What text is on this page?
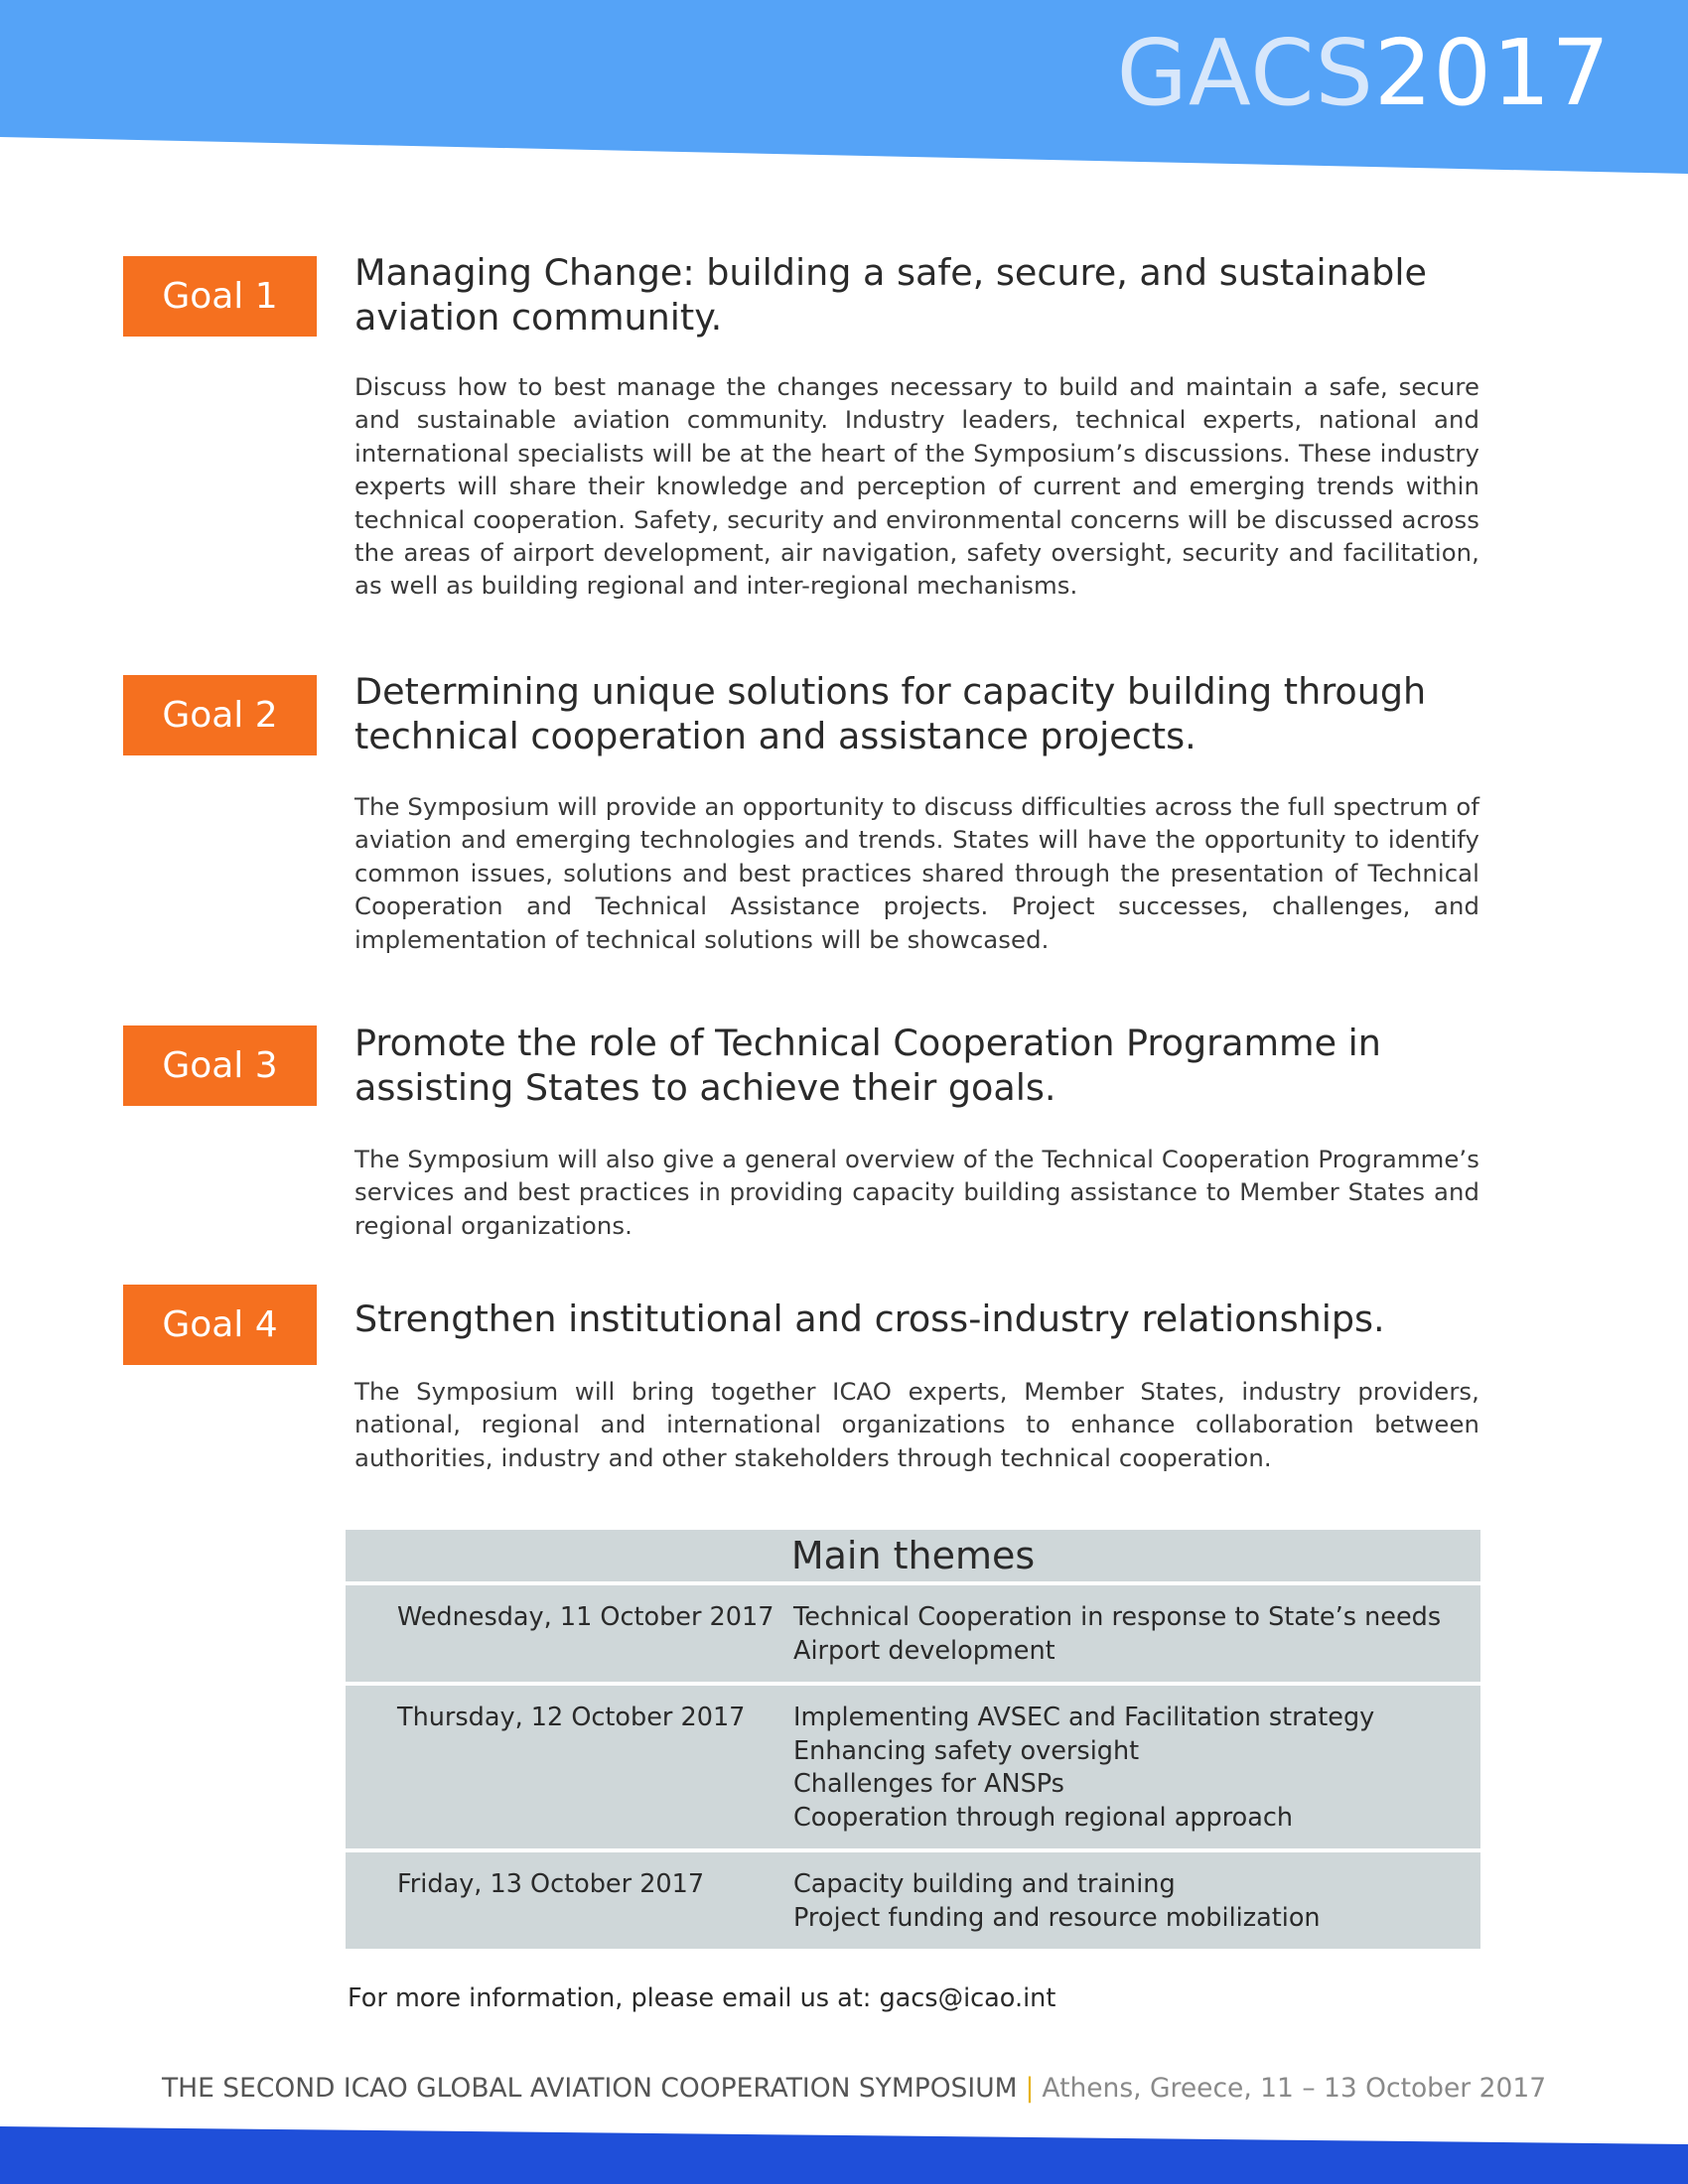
GACS2017
Goal 1
Managing Change: building a safe, secure, and sustainable aviation community.
Discuss how to best manage the changes necessary to build and maintain a safe, secure and sustainable aviation community. Industry leaders, technical experts, national and international specialists will be at the heart of the Symposium’s discussions. These industry experts will share their knowledge and perception of current and emerging trends within technical cooperation. Safety, security and environmental concerns will be discussed across the areas of airport development, air navigation, safety oversight, security and facilitation, as well as building regional and inter-regional mechanisms.
Goal 2
Determining unique solutions for capacity building through technical cooperation and assistance projects.
The Symposium will provide an opportunity to discuss difficulties across the full spectrum of aviation and emerging technologies and trends. States will have the opportunity to identify common issues, solutions and best practices shared through the presentation of Technical Cooperation and Technical Assistance projects. Project successes, challenges, and implementation of technical solutions will be showcased.
Goal 3
Promote the role of Technical Cooperation Programme in assisting States to achieve their goals.
The Symposium will also give a general overview of the Technical Cooperation Programme’s services and best practices in providing capacity building assistance to Member States and regional organizations.
Goal 4	Strengthen institutional and cross-industry relationships.
The Symposium will bring together ICAO experts, Member States, industry providers, national, regional and international organizations to enhance collaboration between authorities, industry and other stakeholders through technical cooperation.
Main themes
Wednesday, 11 October 2017 Technical Cooperation in response to State’s needs
Airport development
Thursday, 12 October 2017 Implementing AVSEC and Facilitation strategy
Enhancing safety oversight
Challenges for ANSPs
Cooperation through regional approach
Friday, 13 October 2017	Capacity building and training
Project funding and resource mobilization
For more information, please email us at: gacs@icao.int
THE SECOND ICAO GLOBAL AVIATION COOPERATION SYMPOSIUM | Athens, Greece, 11 – 13 October 2017
